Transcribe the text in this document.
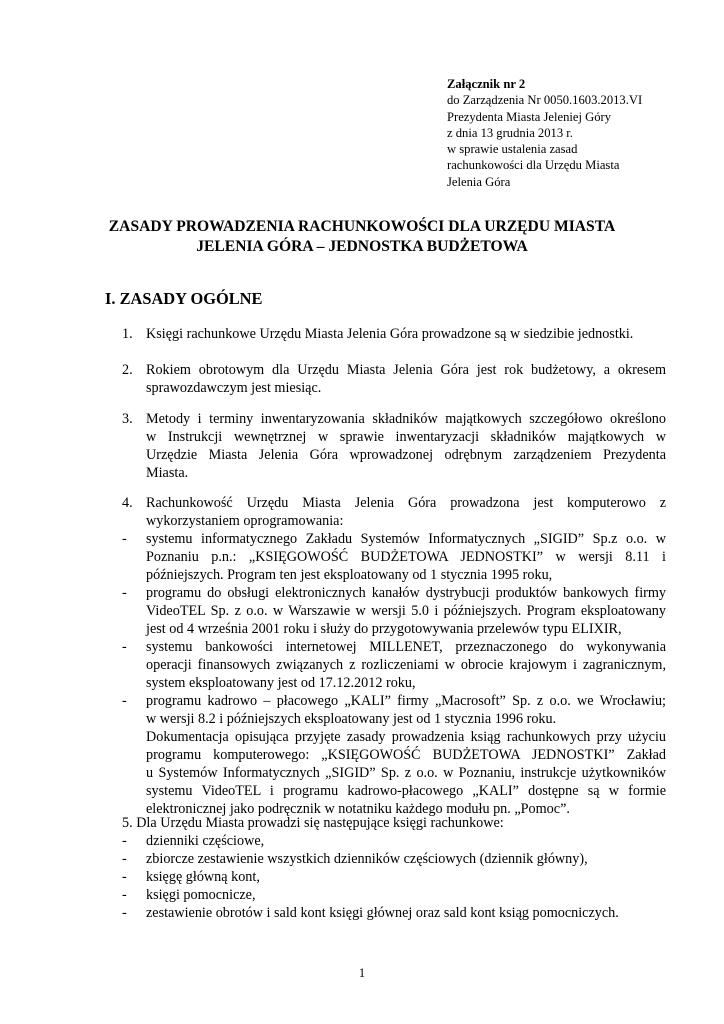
Załącznik nr 2
do Zarządzenia Nr 0050.1603.2013.VI
Prezydenta Miasta Jeleniej Góry
z dnia 13 grudnia 2013 r.
w sprawie ustalenia zasad
rachunkowości dla Urzędu Miasta
Jelenia Góra
ZASADY PROWADZENIA RACHUNKOWOŚCI DLA URZĘDU MIASTA
JELENIA GÓRA – JEDNOSTKA BUDŻETOWA
I. ZASADY OGÓLNE
1. Księgi rachunkowe Urzędu Miasta Jelenia Góra prowadzone są w siedzibie jednostki.
2. Rokiem obrotowym dla Urzędu Miasta Jelenia Góra jest rok budżetowy, a okresem
sprawozdawczym jest miesiąc.
3. Metody i terminy inwentaryzowania składników majątkowych szczegółowo określono
w Instrukcji wewnętrznej w sprawie inwentaryzacji składników majątkowych w
Urzędzie Miasta Jelenia Góra wprowadzonej odrębnym zarządzeniem Prezydenta
Miasta.
4. Rachunkowość Urzędu Miasta Jelenia Góra prowadzona jest komputerowo z
wykorzystaniem oprogramowania:
- systemu informatycznego Zakładu Systemów Informatycznych „SIGID” Sp.z o.o. w
Poznaniu p.n.: „KSIĘGOWOŚĆ BUDŻETOWA JEDNOSTKI” w wersji 8.11 i
późniejszych. Program ten jest eksploatowany od 1 stycznia 1995 roku,
- programu do obsługi elektronicznych kanałów dystrybucji produktów bankowych firmy
VideoTEL Sp. z o.o. w Warszawie w wersji 5.0 i późniejszych. Program eksploatowany
jest od 4 września 2001 roku i służy do przygotowywania przelewów typu ELIXIR,
- systemu bankowości internetowej MILLENET, przeznaczonego do wykonywania
operacji finansowych związanych z rozliczeniami w obrocie krajowym i zagranicznym,
system eksploatowany jest od 17.12.2012 roku,
- programu kadrowo – płacowego „KALI” firmy „Macrosoft” Sp. z o.o. we Wrocławiu;
w wersji 8.2 i późniejszych eksploatowany jest od 1 stycznia 1996 roku.
Dokumentacja opisująca przyjęte zasady prowadzenia ksiąg rachunkowych przy użyciu
programu komputerowego: „KSIĘGOWOŚĆ BUDŻETOWA JEDNOSTKI” Zakład
u Systemów Informatycznych „SIGID” Sp. z o.o. w Poznaniu, instrukcje użytkowników
systemu VideoTEL i programu kadrowo-płacowego „KALI” dostępne są w formie
elektronicznej jako podręcznik w notatniku każdego modułu pn. „Pomoc”.
5. Dla Urzędu Miasta prowadzi się następujące księgi rachunkowe:
- dzienniki częściowe,
- zbiorcze zestawienie wszystkich dzienników częściowych (dziennik główny),
- księgę główną kont,
- księgi pomocnicze,
- zestawienie obrotów i sald kont księgi głównej oraz sald kont ksiąg pomocniczych.
1
